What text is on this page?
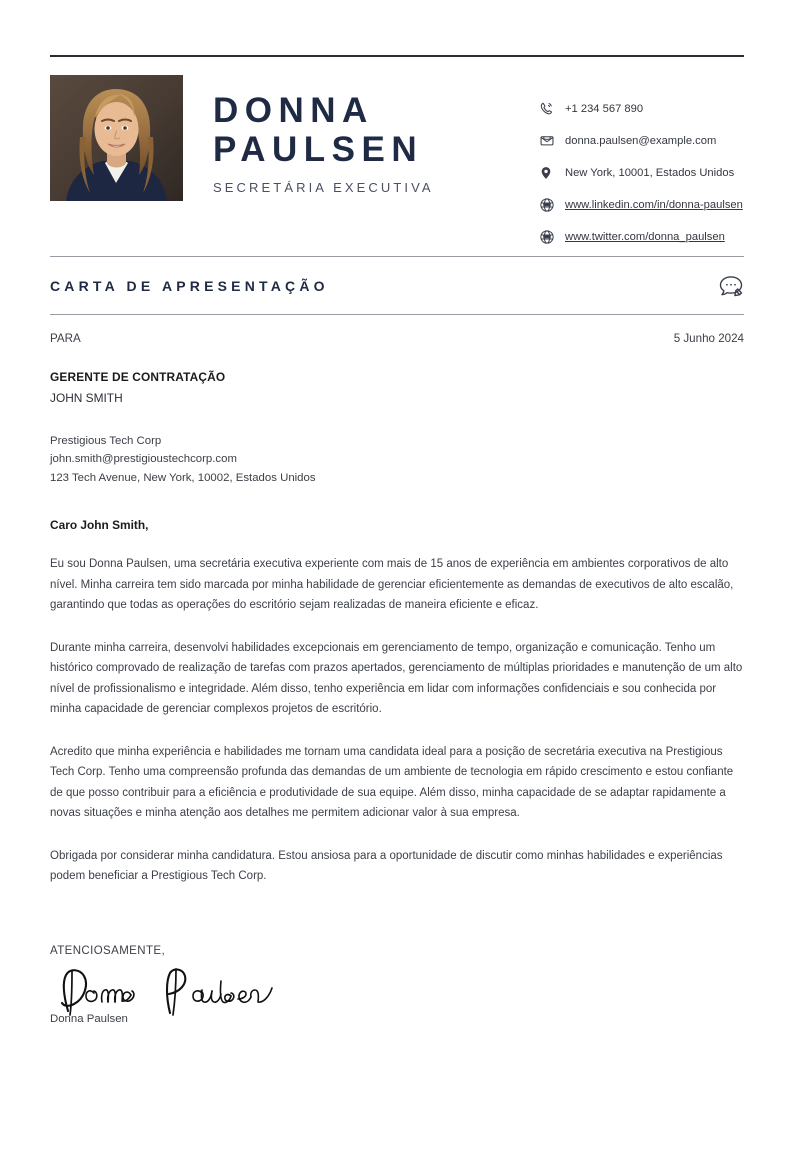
DONNA
PAULSEN
SECRETÁRIA EXECUTIVA
+1 234 567 890
donna.paulsen@example.com
New York, 10001, Estados Unidos
WWW www.linkedin.com/in/donna-paulsen
WWW www.twitter.com/donna_paulsen
CARTA DE APRESENTAÇÃO
PARA	5 Junho 2024
GERENTE DE CONTRATAÇÃO
JOHN SMITH
Prestigious Tech Corp
john.smith@prestigioustechcorp.com
123 Tech Avenue, New York, 10002, Estados Unidos
Caro John Smith,
Eu sou Donna Paulsen, uma secretária executiva experiente com mais de 15 anos de experiência em ambientes corporativos de alto nível. Minha carreira tem sido marcada por minha habilidade de gerenciar eficientemente as demandas de executivos de alto escalão, garantindo que todas as operações do escritório sejam realizadas de maneira eficiente e eficaz.
Durante minha carreira, desenvolvi habilidades excepcionais em gerenciamento de tempo, organização e comunicação. Tenho um histórico comprovado de realização de tarefas com prazos apertados, gerenciamento de múltiplas prioridades e manutenção de um alto nível de profissionalismo e integridade. Além disso, tenho experiência em lidar com informações confidenciais e sou conhecida por minha capacidade de gerenciar complexos projetos de escritório.
Acredito que minha experiência e habilidades me tornam uma candidata ideal para a posição de secretária executiva na Prestigious Tech Corp. Tenho uma compreensão profunda das demandas de um ambiente de tecnologia em rápido crescimento e estou confiante de que posso contribuir para a eficiência e produtividade de sua equipe. Além disso, minha capacidade de se adaptar rapidamente a novas situações e minha atenção aos detalhes me permitem adicionar valor à sua empresa.
Obrigada por considerar minha candidatura. Estou ansiosa para a oportunidade de discutir como minhas habilidades e experiências podem beneficiar a Prestigious Tech Corp.
ATENCIOSAMENTE,
Donna Paulsen
